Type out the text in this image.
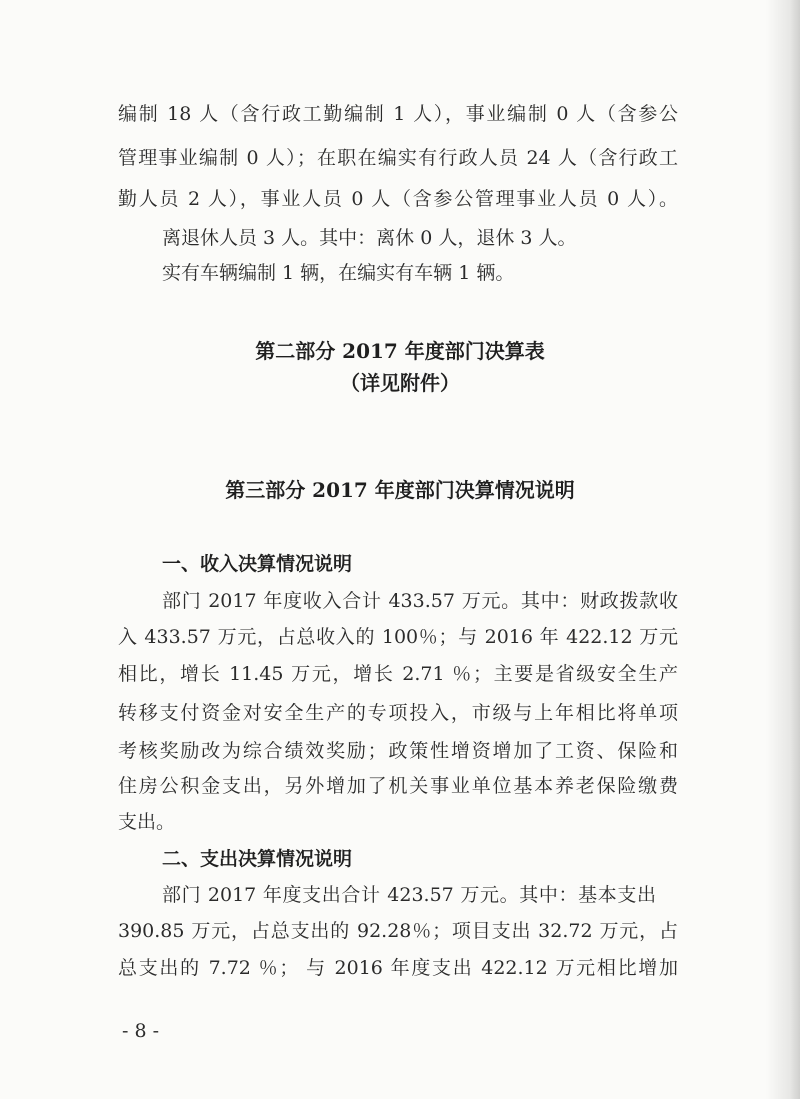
编制 18 人（含行政工勤编制 1 人），事业编制 0 人（含参公
管理事业编制 0 人）；在职在编实有行政人员 24 人（含行政工
勤人员 2 人），事业人员 0 人（含参公管理事业人员 0 人）。
离退休人员 3 人。其中：离休 0 人，退休 3 人。
实有车辆编制 1 辆，在编实有车辆 1 辆。
第二部分 2017 年度部门决算表
（详见附件）
第三部分 2017 年度部门决算情况说明
一、收入决算情况说明
部门 2017 年度收入合计 433.57 万元。其中：财政拨款收
入 433.57 万元，占总收入的 100％；与 2016 年 422.12 万元
相比，增长 11.45 万元，增长 2.71 ％；主要是省级安全生产
转移支付资金对安全生产的专项投入，市级与上年相比将单项
考核奖励改为综合绩效奖励；政策性增资增加了工资、保险和
住房公积金支出，另外增加了机关事业单位基本养老保险缴费
支出。
二、支出决算情况说明
部门 2017 年度支出合计 423.57 万元。其中：基本支出
390.85 万元，占总支出的 92.28％；项目支出 32.72 万元，占
总支出的 7.72 ％； 与 2016 年度支出 422.12 万元相比增加
- 8 -
